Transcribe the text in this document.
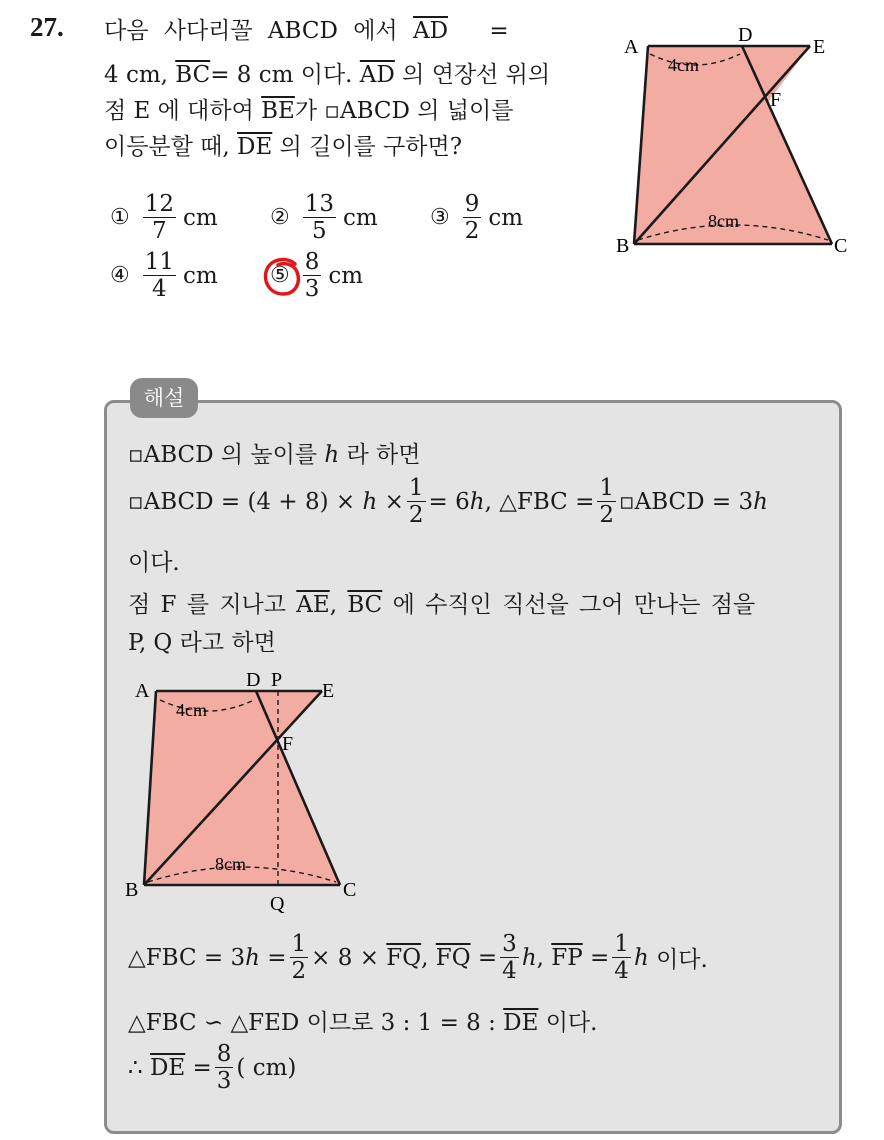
27. 다음 사다리꼴 ABCD 에서 $\overline{AD}$ =
4 cm, $\overline{BC}= 8$ cm 이다. $\overline{AD}$ 의 연장선 위의
점 E 에 대하여 $\overline{BE}$가 ▫ABCD 의 넓이를
이등분할 때, $\overline{DE}$ 의 길이를 구하면?
① $\frac{12}{7}$ cm ② $\frac{13}{5}$ cm ③ $\frac{9}{2}$ cm
④ $\frac{11}{4}$ cm ⑤ $\frac{8}{3}$ cm
A
D
E
F
B	C
4cm
8cm
해설
▫ABCD 의 높이를 h 라 하면
▫ABCD = (4 + 8) ×
h
× $\frac{1}{2} = 6$ h , △FBC = $\frac{1}{2}$ ▫ABCD = 3 h
이다.
점 F 를 지나고 $\overline{AE}$, $\overline{BC}$ 에 수직인 직선을 그어 만나는 점을
P, Q 라고 하면
A	D P E
F
B	C
Q
4cm
8cm
△FBC = 3 h
= $\frac{1}{2} \times 8$ ×
$\overline{FQ}$ ,
$\overline{FQ}$
= $\frac{3}{4}$ h ,
$\overline{FP}$
= $\frac{1}{4}$ h
이다.
△FBC ∽ △FED 이므로 3 : 1 = 8 : $\overline{DE}$ 이다.
∴
$\overline{DE}$
= $\frac{8}{3}$ ( cm)
